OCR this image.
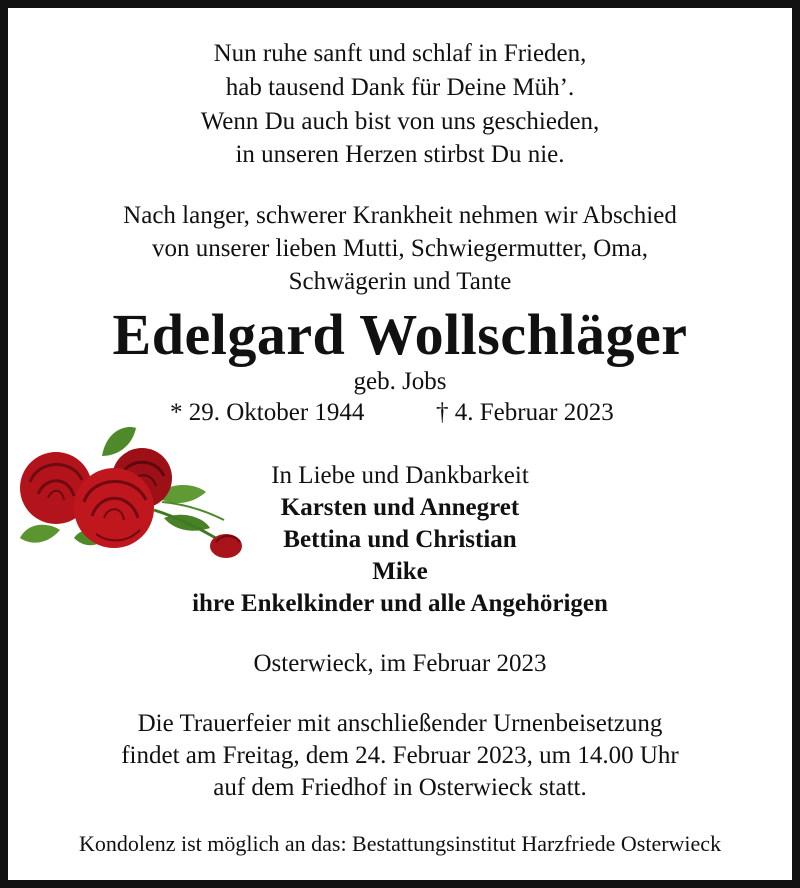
Nun ruhe sanft und schlaf in Frieden,
hab tausend Dank für Deine Müh’.
Wenn Du auch bist von uns geschieden,
in unseren Herzen stirbst Du nie.
Nach langer, schwerer Krankheit nehmen wir Abschied
von unserer lieben Mutti, Schwiegermutter, Oma,
Schwägerin und Tante
Edelgard Wollschläger
geb. Jobs
* 29. Oktober 1944	† 4. Februar 2023
In Liebe und Dankbarkeit
Karsten und Annegret
Bettina und Christian
Mike
ihre Enkelkinder und alle Angehörigen
Osterwieck, im Februar 2023
Die Trauerfeier mit anschließender Urnenbeisetzung
findet am Freitag, dem 24. Februar 2023, um 14.00 Uhr
auf dem Friedhof in Osterwieck statt.
Kondolenz ist möglich an das: Bestattungsinstitut Harzfriede Osterwieck
